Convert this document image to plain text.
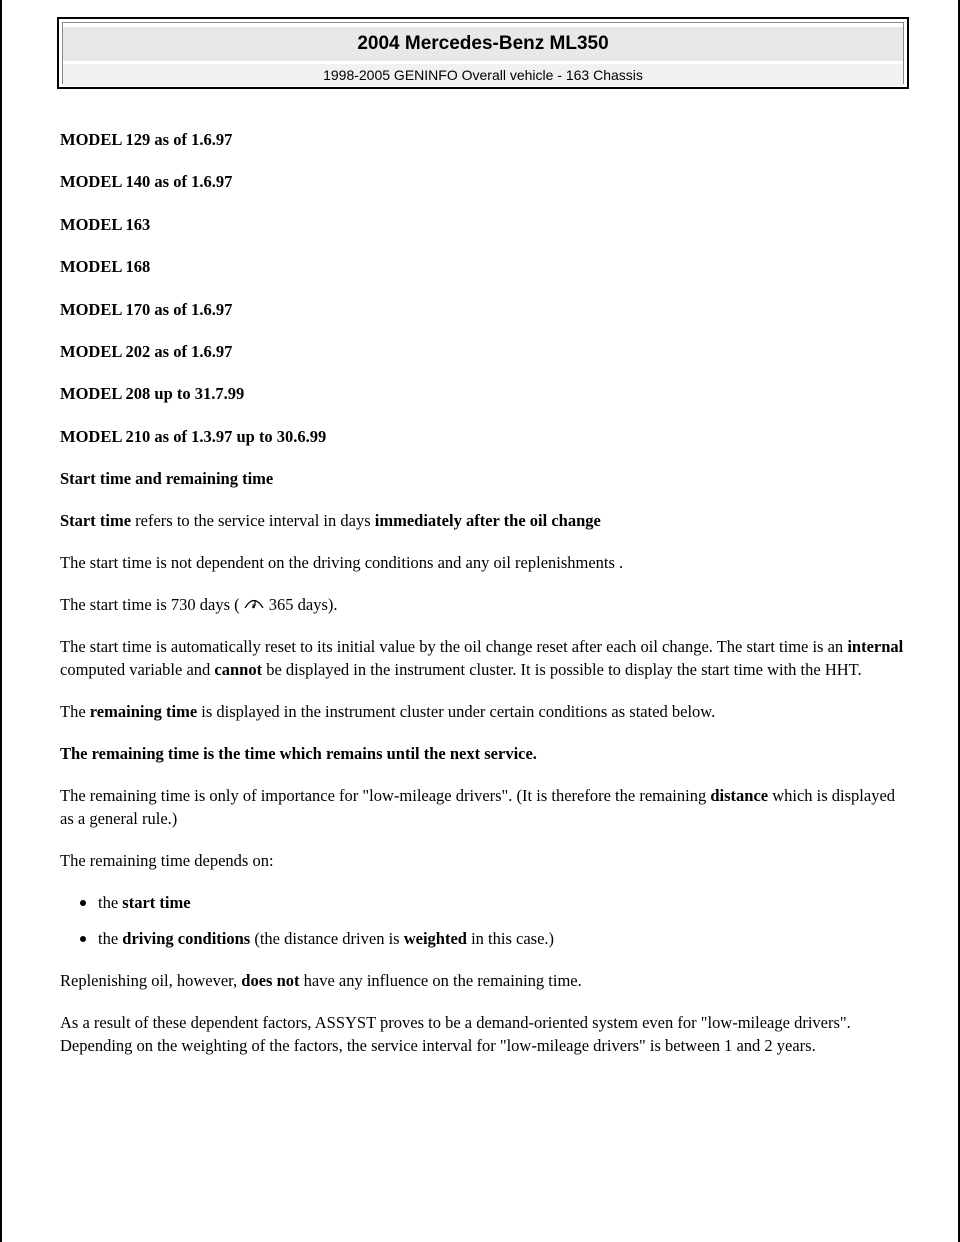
2004 Mercedes-Benz ML350
1998-2005 GENINFO Overall vehicle - 163 Chassis

MODEL 129 as of 1.6.97

MODEL 140 as of 1.6.97

MODEL 163

MODEL 168

MODEL 170 as of 1.6.97

MODEL 202 as of 1.6.97

MODEL 208 up to 31.7.99

MODEL 210 as of 1.3.97 up to 30.6.99

Start time and remaining time

Start time refers to the service interval in days immediately after the oil change

The start time is not dependent on the driving conditions and any oil replenishments .

The start time is 730 days ( 365 days).

The start time is automatically reset to its initial value by the oil change reset after each oil change. The start time is an internal computed variable and cannot be displayed in the instrument cluster. It is possible to display the start time with the HHT.

The remaining time is displayed in the instrument cluster under certain conditions as stated below.

The remaining time is the time which remains until the next service.

The remaining time is only of importance for "low-mileage drivers". (It is therefore the remaining distance which is displayed as a general rule.)

The remaining time depends on:

the start time
the driving conditions (the distance driven is weighted in this case.)

Replenishing oil, however, does not have any influence on the remaining time.

As a result of these dependent factors, ASSYST proves to be a demand-oriented system even for "low-mileage drivers". Depending on the weighting of the factors, the service interval for "low-mileage drivers" is between 1 and 2 years.
